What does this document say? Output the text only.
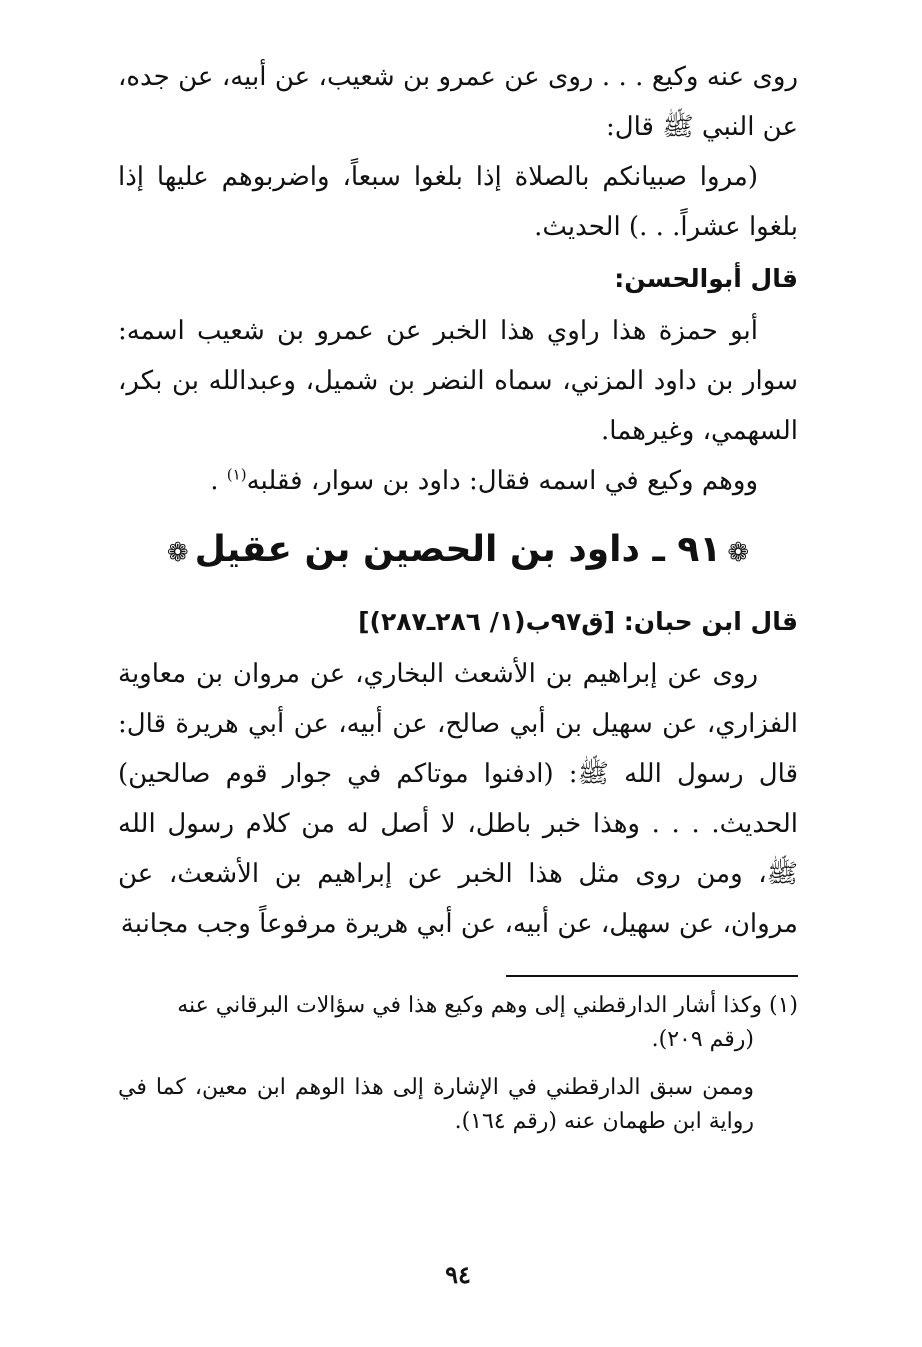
روى عنه وكيع . . . روى عن عمرو بن شعيب، عن أبيه، عن جده، عن النبي ﷺ قال:

(مروا صبيانكم بالصلاة إذا بلغوا سبعاً، واضربوهم عليها إذا بلغوا عشراً. . .) الحديث.

قال أبوالحسن:

أبو حمزة هذا راوي هذا الخبر عن عمرو بن شعيب اسمه: سوار بن داود المزني، سماه النضر بن شميل، وعبدالله بن بكر، السهمي، وغيرهما.

ووهم وكيع في اسمه فقال: داود بن سوار، فقلبه$^{(١)}$ .

❁٩١ ـ داود بن الحصين بن عقيل❁

قال ابن حبان: [ق٩٧ب(١/ ٢٨٦ـ٢٨٧)]

روى عن إبراهيم بن الأشعث البخاري، عن مروان بن معاوية الفزاري، عن سهيل بن أبي صالح، عن أبيه، عن أبي هريرة قال: قال رسول الله ﷺ: (ادفنوا موتاكم في جوار قوم صالحين) الحديث. . . . وهذا خبر باطل، لا أصل له من كلام رسول الله ﷺ، ومن روى مثل هذا الخبر عن إبراهيم بن الأشعث، عن مروان، عن سهيل، عن أبيه، عن أبي هريرة مرفوعاً وجب مجانبة

(١) وكذا أشار الدارقطني إلى وهم وكيع هذا في سؤالات البرقاني عنه

(رقم ٢٠٩).

وممن سبق الدارقطني في الإشارة إلى هذا الوهم ابن معين، كما في رواية ابن طهمان عنه (رقم ١٦٤).

٩٤
